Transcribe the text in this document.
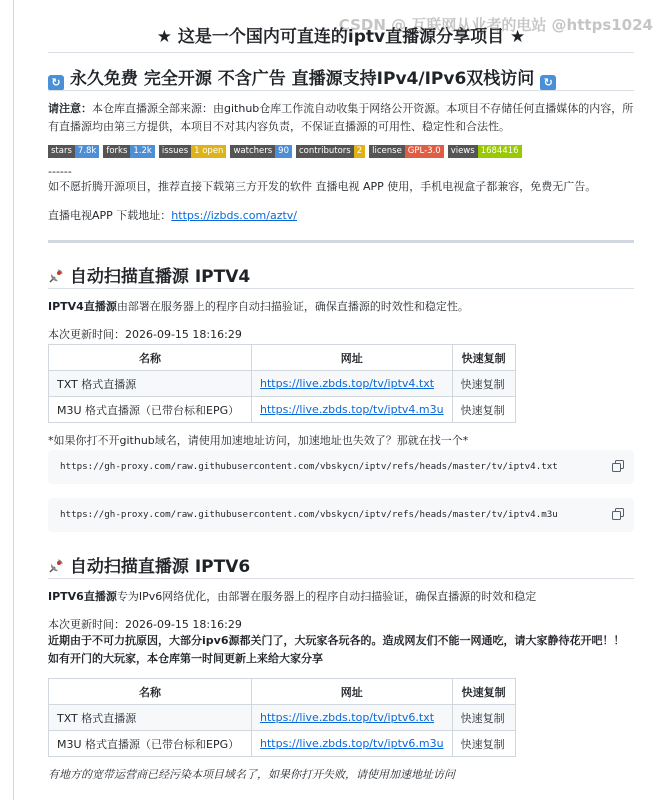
CSDN @ 互联网从业者的电站 @https1024
★ 这是一个国内可直连的iptv直播源分享项目 ★
↻ 永久免费 完全开源 不含广告 直播源支持IPv4/IPv6双栈访问 ↻
请注意：本仓库直播源全部来源：由github仓库工作流自动收集于网络公开资源。本项目不存储任何直播媒体的内容，所有直播源均由第三方提供，本项目不对其内容负责，不保证直播源的可用性、稳定性和合法性。
stars 7.8k	forks 1.2k	issues 1 open	watchers 90	contributors 2	license GPL-3.0	views 1684416
------
如不愿折腾开源项目，推荐直接下载第三方开发的软件 直播电视 APP 使用，手机电视盒子都兼容，免费无广告。
直播电视APP 下载地址：https://izbds.com/aztv/
自动扫描直播源 IPTV4
IPTV4直播源由部署在服务器上的程序自动扫描验证，确保直播源的时效性和稳定性。
本次更新时间：2026-09-15 18:16:29
名称	网址	快速复制
TXT 格式直播源	https://live.zbds.top/tv/iptv4.txt	快速复制
M3U 格式直播源（已带台标和EPG）	https://live.zbds.top/tv/iptv4.m3u	快速复制
*如果你打不开github域名，请使用加速地址访问，加速地址也失效了？那就在找一个*
https://gh-proxy.com/raw.githubusercontent.com/vbskycn/iptv/refs/heads/master/tv/iptv4.txt
https://gh-proxy.com/raw.githubusercontent.com/vbskycn/iptv/refs/heads/master/tv/iptv4.m3u
自动扫描直播源 IPTV6
IPTV6直播源专为IPv6网络优化，由部署在服务器上的程序自动扫描验证，确保直播源的时效和稳定
本次更新时间：2026-09-15 18:16:29
近期由于不可力抗原因，大部分ipv6源都关门了，大玩家各玩各的。造成网友们不能一网通吃，请大家静待花开吧！！如有开门的大玩家，本仓库第一时间更新上来给大家分享
名称	网址	快速复制
TXT 格式直播源	https://live.zbds.top/tv/iptv6.txt	快速复制
M3U 格式直播源（已带台标和EPG）	https://live.zbds.top/tv/iptv6.m3u	快速复制
有地方的宽带运营商已经污染本项目域名了，如果你打开失败，请使用加速地址访问
